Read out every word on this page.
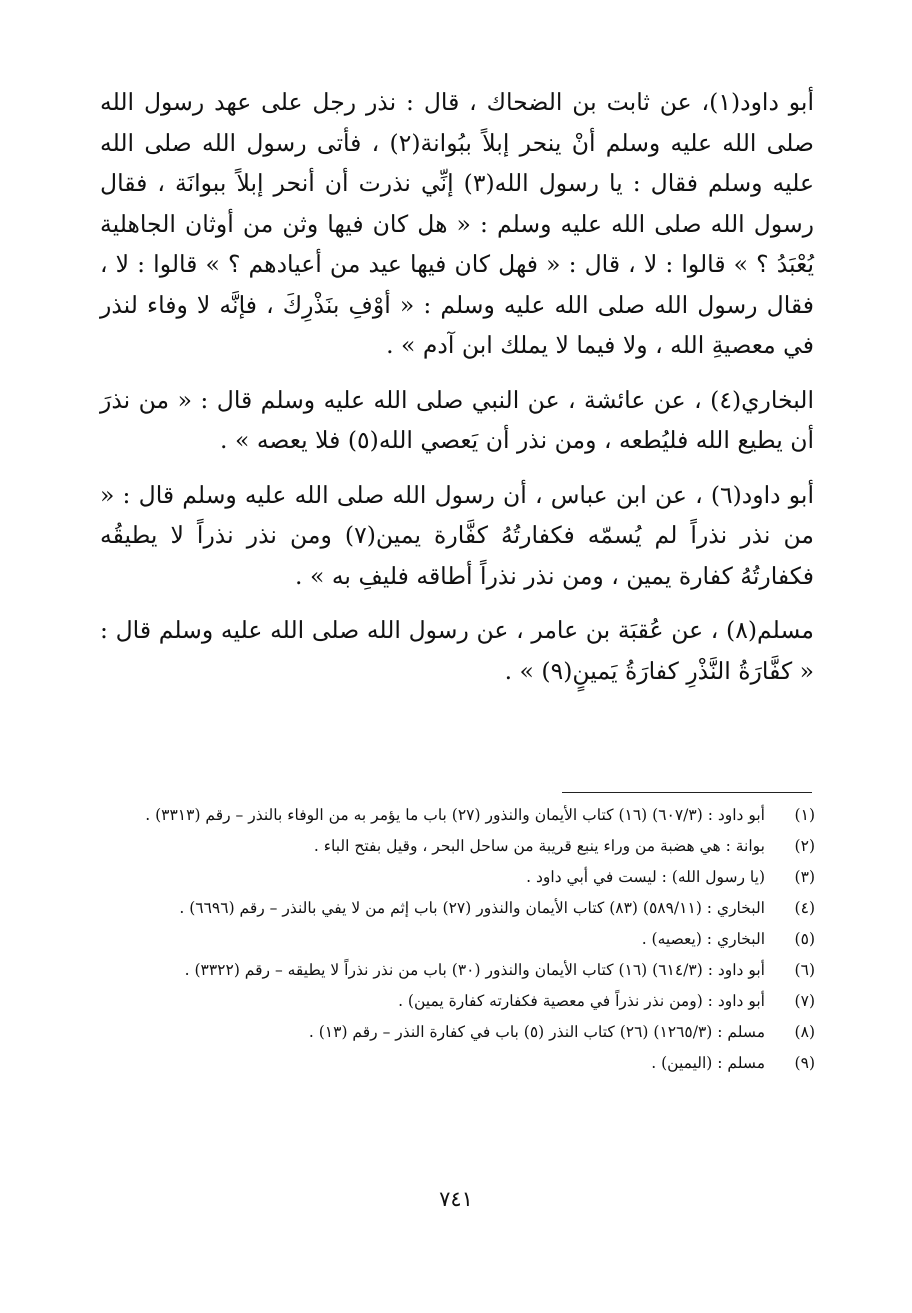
أبو داود(١)، عن ثابت بن الضحاك ، قال : نذر رجل على عهد رسول الله صلى الله عليه وسلم أنْ ينحر إبلاً ببُوانة(٢) ، فأتى رسول الله صلى الله عليه وسلم فقال : يا رسول الله(٣) إنِّي نذرت أن أنحر إبلاً ببوانَة ، فقال رسول الله صلى الله عليه وسلم : « هل كان فيها وثن من أوثان الجاهلية يُعْبَدُ ؟ » قالوا : لا ، قال : « فهل كان فيها عيد من أعيادهم ؟ » قالوا : لا ، فقال رسول الله صلى الله عليه وسلم : « أوْفِ بنَذْرِكَ ، فإنَّه لا وفاء لنذر في معصيةِ الله ، ولا فيما لا يملك ابن آدم » .

البخاري(٤) ، عن عائشة ، عن النبي صلى الله عليه وسلم قال : « من نذرَ أن يطيع الله فليُطعه ، ومن نذر أن يَعصي الله(٥) فلا يعصه » .

أبو داود(٦) ، عن ابن عباس ، أن رسول الله صلى الله عليه وسلم قال : « من نذر نذراً لم يُسمّه فكفارتُهُ كفَّارة يمين(٧) ومن نذر نذراً لا يطيقُه فكفارتُهُ كفارة يمين ، ومن نذر نذراً أطاقه فليفِ به » .

مسلم(٨) ، عن عُقبَة بن عامر ، عن رسول الله صلى الله عليه وسلم قال : « كفَّارَةُ النَّذْرِ كفارَةُ يَمينٍ(٩) » .

(١)
أبو داود : (٦٠٧/٣) (١٦) كتاب الأيمان والنذور (٢٧) باب ما يؤمر به من الوفاء بالنذر – رقم (٣٣١٣) .
(٢)
بوانة : هي هضبة من وراء ينبع قريبة من ساحل البحر ، وقيل بفتح الباء .
(٣)
(يا رسول الله) : ليست في أبي داود .
(٤)
البخاري : (٥٨٩/١١) (٨٣) كتاب الأيمان والنذور (٢٧) باب إثم من لا يفي بالنذر – رقم (٦٦٩٦) .
(٥)
البخاري : (يعصيه) .
(٦)
أبو داود : (٦١٤/٣) (١٦) كتاب الأيمان والنذور (٣٠) باب من نذر نذراً لا يطيقه – رقم (٣٣٢٢) .
(٧)
أبو داود : (ومن نذر نذراً في معصية فكفارته كفارة يمين) .
(٨)
مسلم : (١٢٦٥/٣) (٢٦) كتاب النذر (٥) باب في كفارة النذر – رقم (١٣) .
(٩)
مسلم : (اليمين) .
٧٤١
